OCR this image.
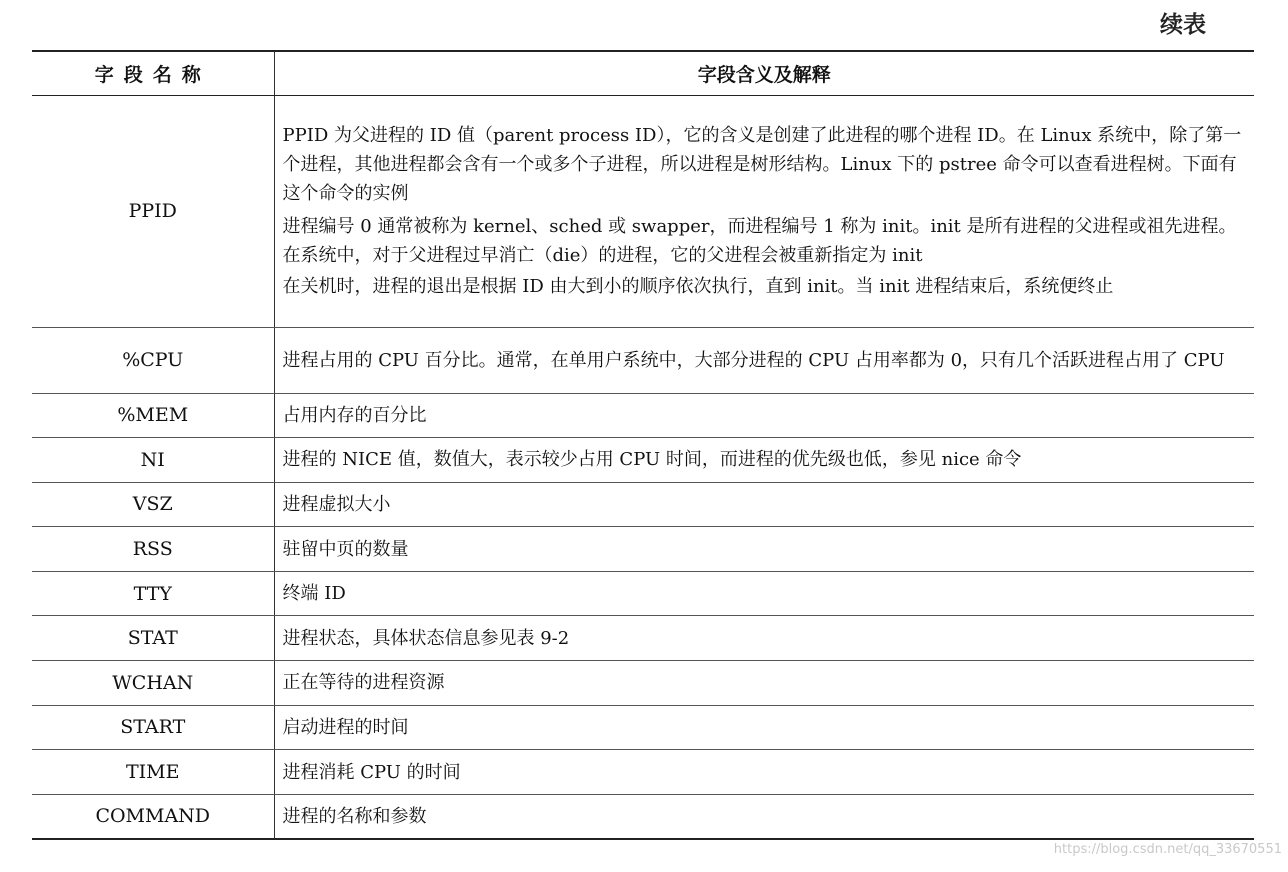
续表
字段名称	字段含义及解释
PPID	PPID 为父进程的 ID 值（parent process ID），它的含义是创建了此进程的哪个进程 ID。在 Linux 系统中，除了第一个进程，其他进程都会含有一个或多个子进程，所以进程是树形结构。Linux 下的 pstree 命令可以查看进程树。下面有这个命令的实例

进程编号 0 通常被称为 kernel、sched 或 swapper，而进程编号 1 称为 init。init 是所有进程的父进程或祖先进程。在系统中，对于父进程过早消亡（die）的进程，它的父进程会被重新指定为 init

在关机时，进程的退出是根据 ID 由大到小的顺序依次执行，直到 init。当 init 进程结束后，系统便终止

%CPU	进程占用的 CPU 百分比。通常，在单用户系统中，大部分进程的 CPU 占用率都为 0，只有几个活跃进程占用了 CPU
%MEM	占用内存的百分比
NI	进程的 NICE 值，数值大，表示较少占用 CPU 时间，而进程的优先级也低，参见 nice 命令
VSZ	进程虚拟大小
RSS	驻留中页的数量
TTY	终端 ID
STAT	进程状态，具体状态信息参见表 9-2
WCHAN	正在等待的进程资源
START	启动进程的时间
TIME	进程消耗 CPU 的时间
COMMAND	进程的名称和参数
https://blog.csdn.net/qq_33670551
